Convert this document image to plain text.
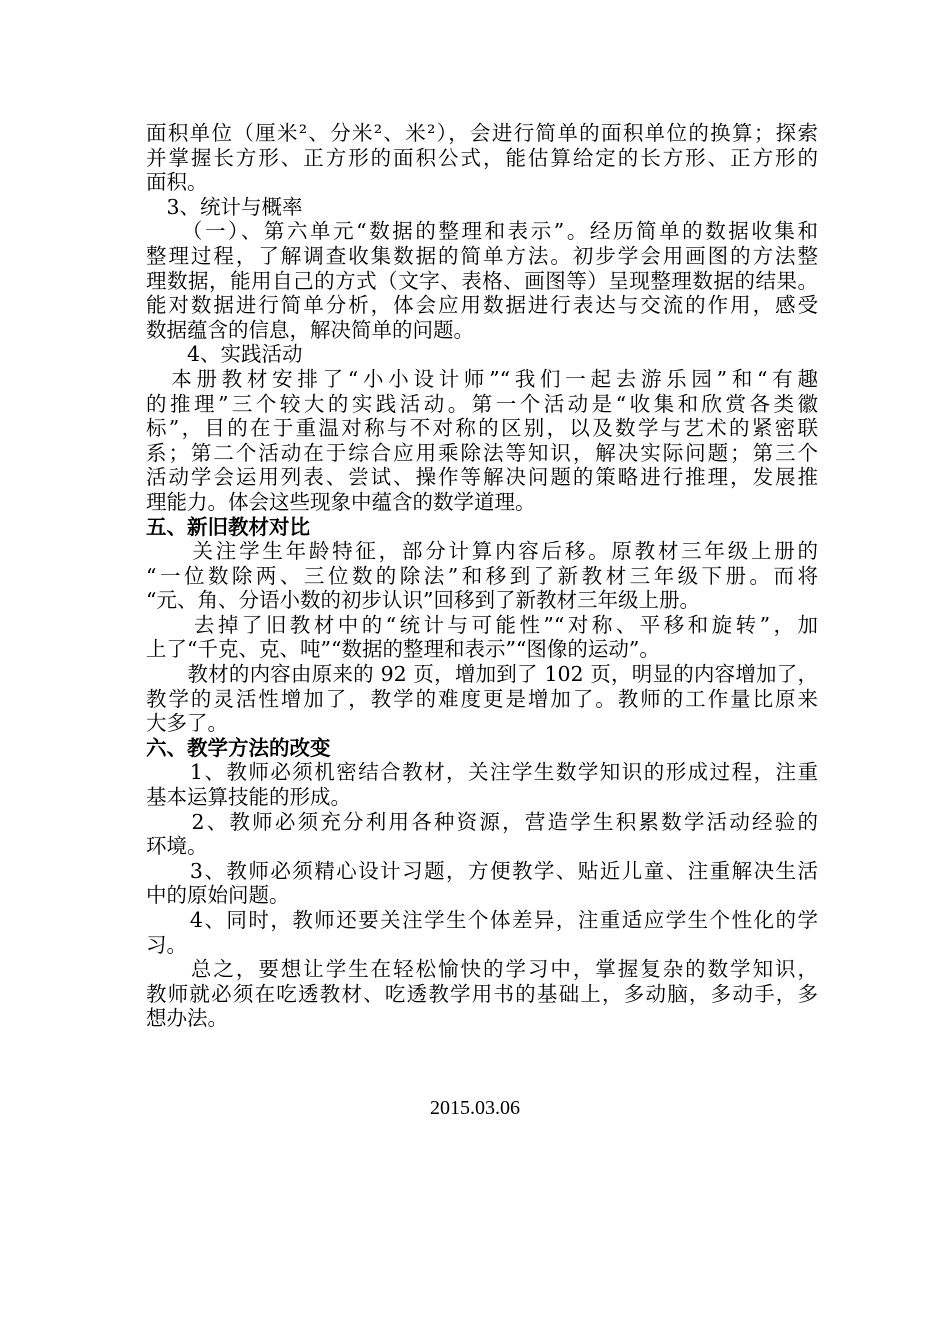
面积单位（厘米²、分米²、米²），会进行简单的面积单位的换算；探索
并掌握长方形、正方形的面积公式，能估算给定的长方形、正方形的
面积。
　3、统计与概率
　　（一）、第六单元“数据的整理和表示”。经历简单的数据收集和
整理过程，了解调查收集数据的简单方法。初步学会用画图的方法整
理数据，能用自己的方式（文字、表格、画图等）呈现整理数据的结果。
能对数据进行简单分析，体会应用数据进行表达与交流的作用，感受
数据蕴含的信息，解决简单的问题。
　　4、实践活动
　本册教材安排了“小小设计师”“我们一起去游乐园”和“有趣
的推理”三个较大的实践活动。第一个活动是“收集和欣赏各类徽
标”，目的在于重温对称与不对称的区别，以及数学与艺术的紧密联
系；第二个活动在于综合应用乘除法等知识，解决实际问题；第三个
活动学会运用列表、尝试、操作等解决问题的策略进行推理，发展推
理能力。体会这些现象中蕴含的数学道理。
五、新旧教材对比
　　关注学生年龄特征，部分计算内容后移。原教材三年级上册的
“一位数除两、三位数的除法”和移到了新教材三年级下册。而将
“元、角、分语小数的初步认识”回移到了新教材三年级上册。
　　去掉了旧教材中的“统计与可能性”“对称、平移和旋转”，加
上了“千克、克、吨”“数据的整理和表示”“图像的运动”。
　　教材的内容由原来的 92 页，增加到了 102 页，明显的内容增加了，
教学的灵活性增加了，教学的难度更是增加了。教师的工作量比原来
大多了。
六、教学方法的改变
　　1、教师必须机密结合教材，关注学生数学知识的形成过程，注重
基本运算技能的形成。
　　2、教师必须充分利用各种资源，营造学生积累数学活动经验的
环境。
　　3、教师必须精心设计习题，方便教学、贴近儿童、注重解决生活
中的原始问题。
　　4、同时，教师还要关注学生个体差异，注重适应学生个性化的学
习。
　　总之，要想让学生在轻松愉快的学习中，掌握复杂的数学知识，
教师就必须在吃透教材、吃透教学用书的基础上，多动脑，多动手，多
想办法。
2015.03.06
